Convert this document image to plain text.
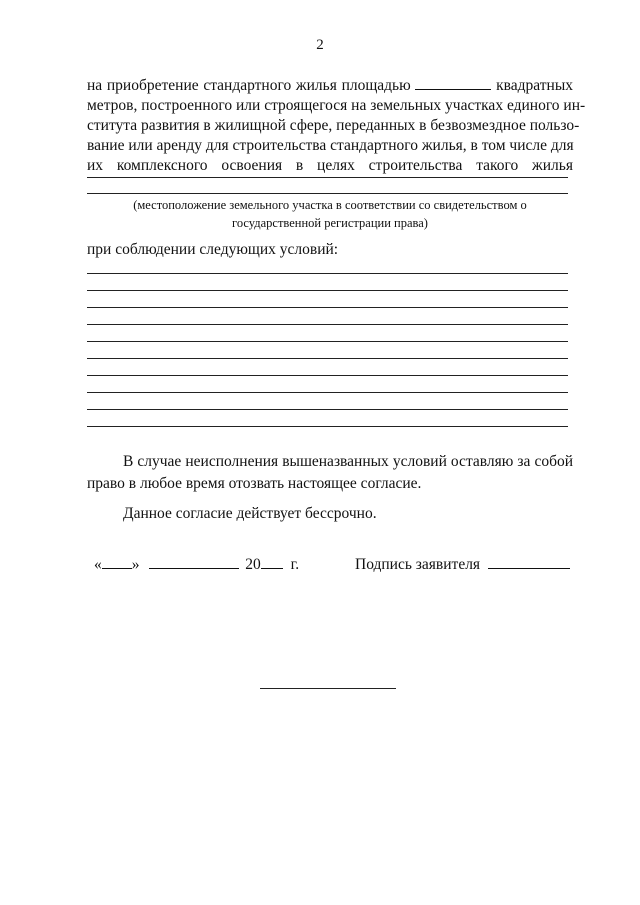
2
на приобретение стандартного жилья площадью	квадратных
метров, построенного или строящегося на земельных участках единого ин-
ститута развития в жилищной сфере, переданных в безвозмездное пользо-
вание или аренду для строительства стандартного жилья, в том числе для
их комплексного освоения в целях строительства такого жилья
(местоположение земельного участка в соответствии со свидетельством о
государственной регистрации права)
при соблюдении следующих условий:
В случае неисполнения вышеназванных условий оставляю за собой право в любое время отозвать настоящее согласие.
Данное согласие действует бессрочно.
« »	20 г.	Подпись заявителя
